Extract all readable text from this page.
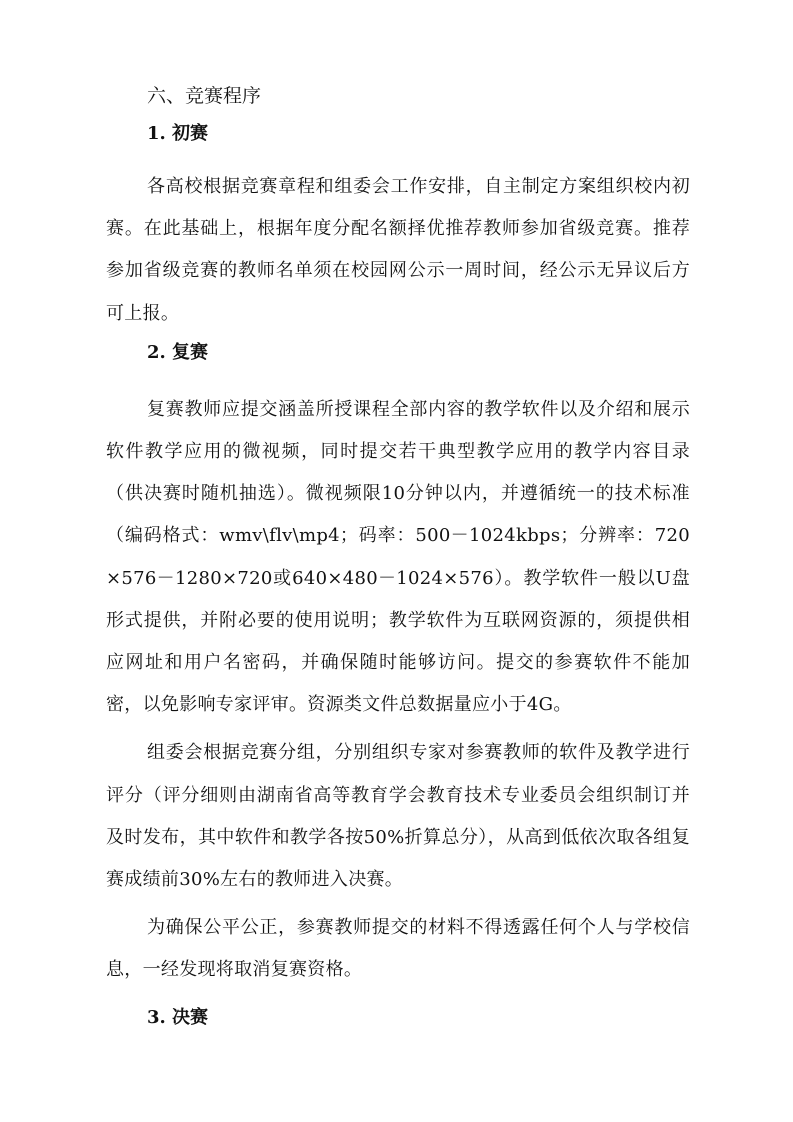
六、竞赛程序
1. 初赛

各高校根据竞赛章程和组委会工作安排，自主制定方案组织校内初赛。在此基础上，根据年度分配名额择优推荐教师参加省级竞赛。推荐参加省级竞赛的教师名单须在校园网公示一周时间，经公示无异议后方可上报。

2. 复赛

复赛教师应提交涵盖所授课程全部内容的教学软件以及介绍和展示软件教学应用的微视频，同时提交若干典型教学应用的教学内容目录（供决赛时随机抽选）。微视频限10分钟以内，并遵循统一的技术标准（编码格式：wmv\flv\mp4；码率：500－1024kbps；分辨率：720×576－1280×720或640×480－1024×576）。教学软件一般以U盘形式提供，并附必要的使用说明；教学软件为互联网资源的，须提供相应网址和用户名密码，并确保随时能够访问。提交的参赛软件不能加密，以免影响专家评审。资源类文件总数据量应小于4G。

组委会根据竞赛分组，分别组织专家对参赛教师的软件及教学进行评分（评分细则由湖南省高等教育学会教育技术专业委员会组织制订并及时发布，其中软件和教学各按50%折算总分），从高到低依次取各组复赛成绩前30%左右的教师进入决赛。

为确保公平公正，参赛教师提交的材料不得透露任何个人与学校信息，一经发现将取消复赛资格。

3. 决赛
